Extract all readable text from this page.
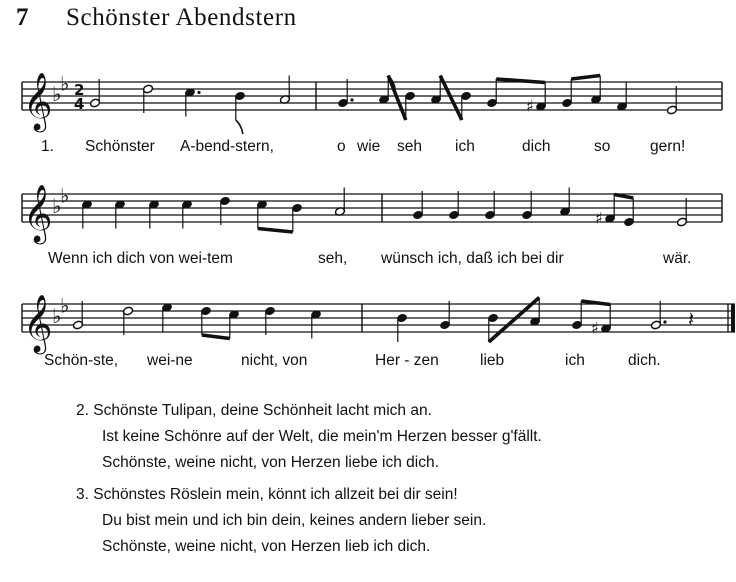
7 Schönster Abendstern
𝄞 ♭
♭ 2
4	♯
𝄞 ♭
♭
♯
𝄞 ♭
♭
♯	𝄽
1. Schönster A-bend-stern,	o wie seh ich	dich	so	gern!
Wenn ich dich von wei-tem	seh, wünsch ich, daß ich bei dir	wär.
Schön-ste, wei-ne	nicht, von	Her - zen	lieb	ich	dich.
2. Schönste Tulipan, deine Schönheit lacht mich an.
Ist keine Schönre auf der Welt, die mein'm Herzen besser g'fällt.
Schönste, weine nicht, von Herzen liebe ich dich.
3. Schönstes Röslein mein, könnt ich allzeit bei dir sein!
Du bist mein und ich bin dein, keines andern lieber sein.
Schönste, weine nicht, von Herzen lieb ich dich.
